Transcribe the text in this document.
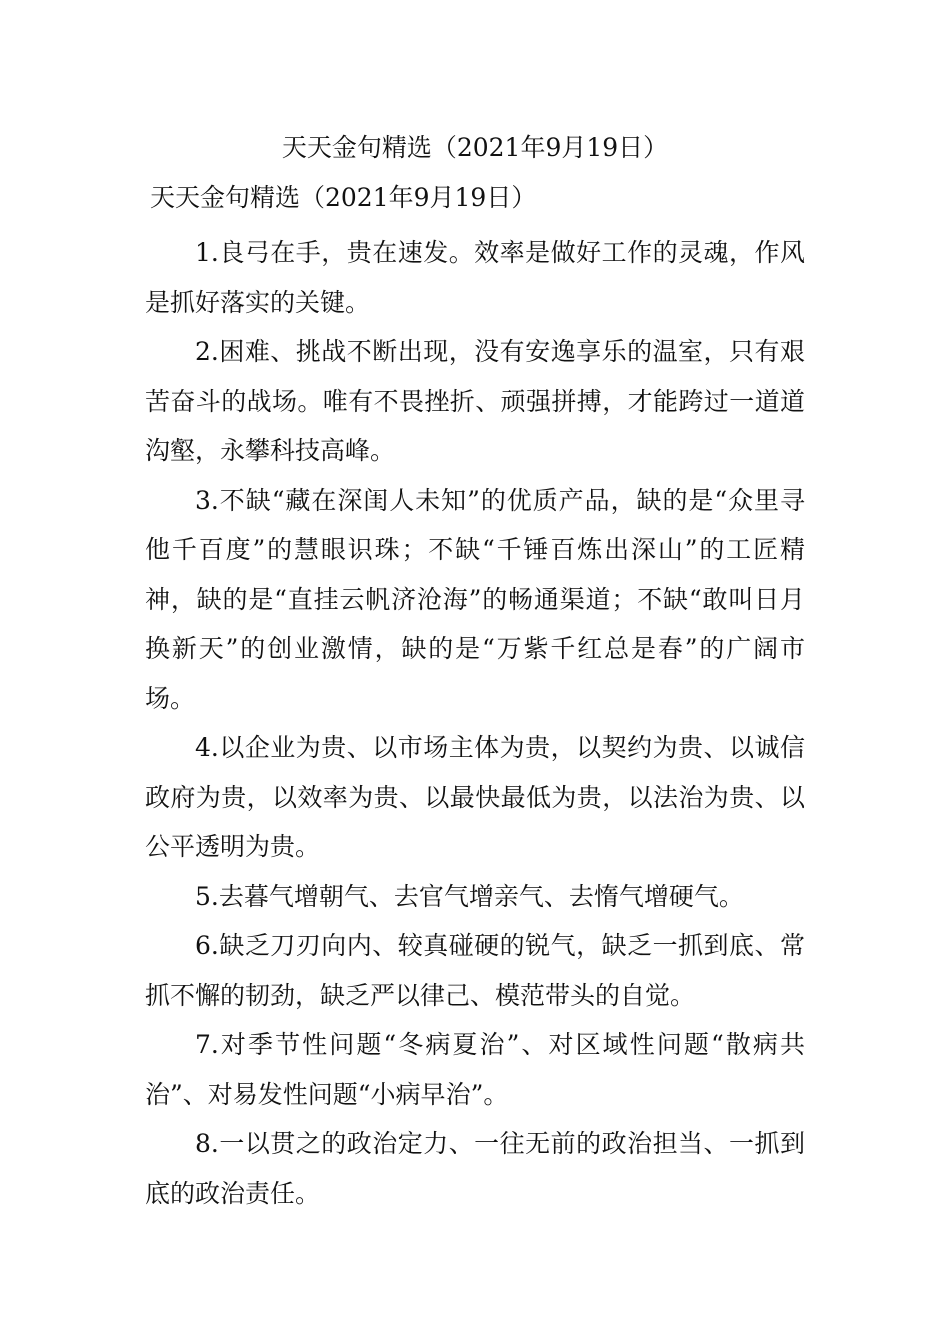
天天金句精选（2021年9月19日）
天天金句精选（2021年9月19日）

1.良弓在手，贵在速发。效率是做好工作的灵魂，作风是抓好落实的关键。

2.困难、挑战不断出现，没有安逸享乐的温室，只有艰苦奋斗的战场。唯有不畏挫折、顽强拼搏，才能跨过一道道沟壑，永攀科技高峰。

3.不缺“藏在深闺人未知”的优质产品，缺的是“众里寻他千百度”的慧眼识珠；不缺“千锤百炼出深山”的工匠精神，缺的是“直挂云帆济沧海”的畅通渠道；不缺“敢叫日月换新天”的创业激情，缺的是“万紫千红总是春”的广阔市场。

4.以企业为贵、以市场主体为贵，以契约为贵、以诚信政府为贵，以效率为贵、以最快最低为贵，以法治为贵、以公平透明为贵。

5.去暮气增朝气、去官气增亲气、去惰气增硬气。

6.缺乏刀刃向内、较真碰硬的锐气，缺乏一抓到底、常抓不懈的韧劲，缺乏严以律己、模范带头的自觉。

7.对季节性问题“冬病夏治”、对区域性问题“散病共治”、对易发性问题“小病早治”。

8.一以贯之的政治定力、一往无前的政治担当、一抓到底的政治责任。
